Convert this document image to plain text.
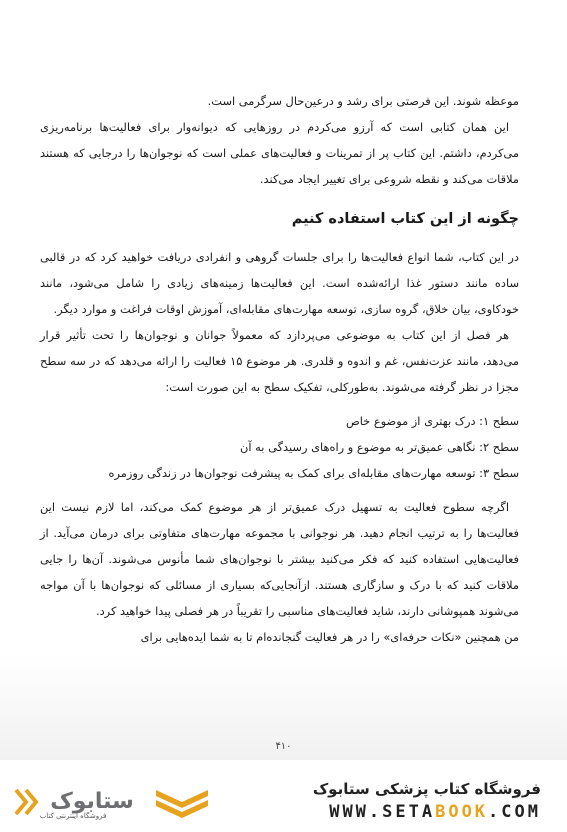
موعظه شوند. این فرصتی برای رشد و درعین‌حال سرگرمی است.

این همان کتابی است که آرزو می‌کردم در روزهایی که دیوانه‌وار برای فعالیت‌ها برنامه‌ریزی می‌کردم، داشتم. این کتاب پر از تمرینات و فعالیت‌های عملی است که نوجوان‌ها را درجایی که هستند ملاقات می‌کند و نقطه شروعی برای تغییر ایجاد می‌کند.

چگونه از این کتاب استفاده کنیم

در این کتاب، شما انواع فعالیت‌ها را برای جلسات گروهی و انفرادی دریافت خواهید کرد که در قالبی ساده مانند دستور غذا ارائه‌شده است. این فعالیت‌ها زمینه‌های زیادی را شامل می‌شود، مانند خودکاوی، بیان خلاق، گروه سازی، توسعه مهارت‌های مقابله‌ای، آموزش اوقات فراغت و موارد دیگر.

هر فصل از این کتاب به موضوعی می‌پردازد که معمولاً جوانان و نوجوان‌ها را تحت تأثیر قرار می‌دهد، مانند عزت‌نفس، غم و اندوه و قلدری. هر موضوع ۱۵ فعالیت را ارائه می‌دهد که در سه سطح مجزا در نظر گرفته می‌شوند. به‌طورکلی، تفکیک سطح به این صورت است:

سطح ۱: درک بهتری از موضوع خاص

سطح ۲: نگاهی عمیق‌تر به موضوع و راه‌های رسیدگی به آن

سطح ۳: توسعه مهارت‌های مقابله‌ای برای کمک به پیشرفت نوجوان‌ها در زندگی روزمره

اگرچه سطوح فعالیت به تسهیل درک عمیق‌تر از هر موضوع کمک می‌کند، اما لازم نیست این فعالیت‌ها را به ترتیب انجام دهید. هر نوجوانی با مجموعه مهارت‌های متفاوتی برای درمان می‌آید. از فعالیت‌هایی استفاده کنید که فکر می‌کنید بیشتر با نوجوان‌های شما مأنوس می‌شوند. آن‌ها را جایی ملاقات کنید که با درک و سازگاری هستند. ازآنجایی‌که بسیاری از مسائلی که نوجوان‌ها با آن مواجه می‌شوند همپوشانی دارند، شاید فعالیت‌های مناسبی را تقریباً در هر فصلی پیدا خواهید کرد.

من همچنین «نکات حرفه‌ای» را در هر فعالیت گنجانده‌ام تا به شما ایده‌هایی برای

۴۱۰
ستابوک
فروشگاه اینترنتی کتاب
فروشگاه کتاب پزشکی ستابوک
WWW.SETABOOK.COM
